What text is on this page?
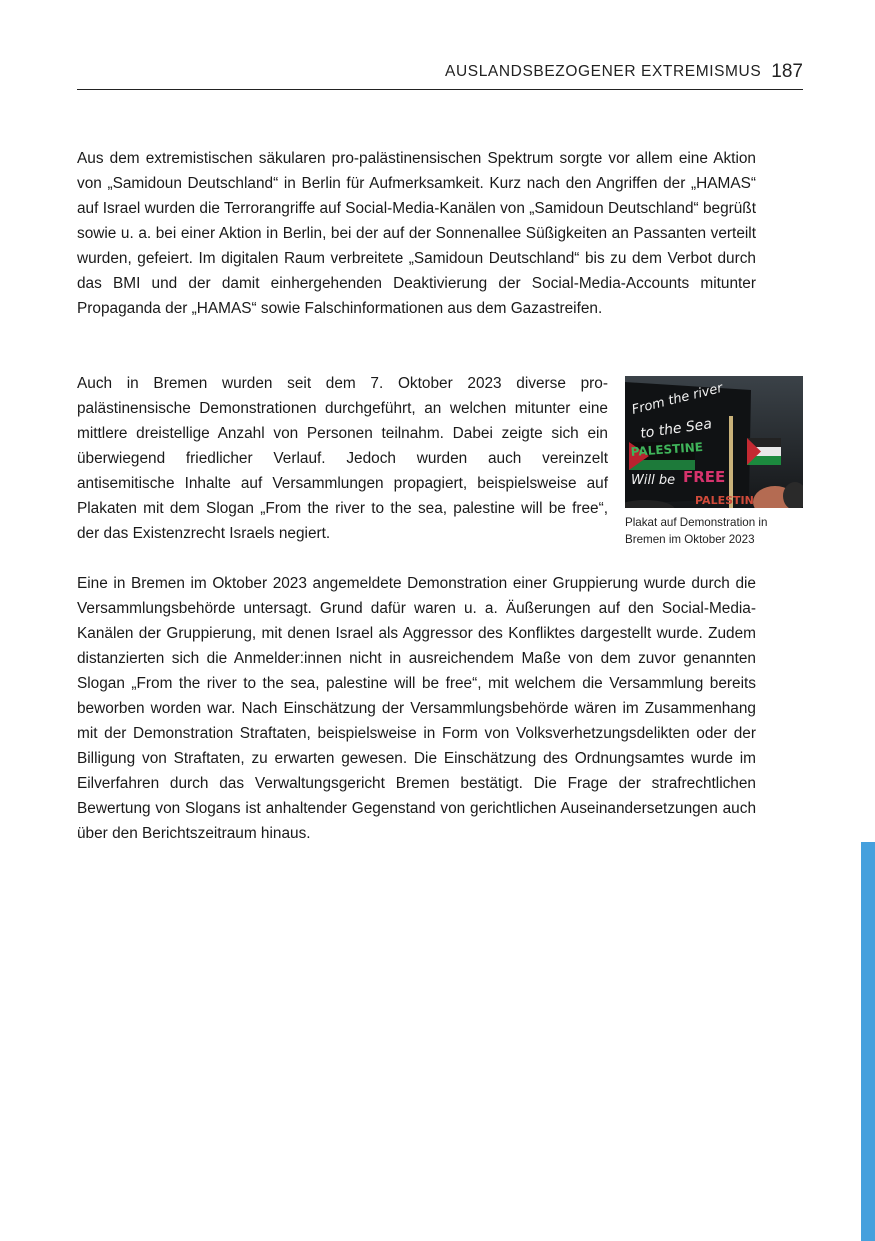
AUSLANDSBEZOGENER EXTREMISMUS 187

Aus dem extremistischen säkularen pro-palästinensischen Spektrum sorgte vor allem eine Aktion von „Samidoun Deutschland“ in Berlin für Aufmerksamkeit. Kurz nach den Angriffen der „HAMAS“ auf Israel wurden die Terrorangriffe auf Social-Media-Kanälen von „Samidoun Deutschland“ begrüßt sowie u. a. bei einer Aktion in Berlin, bei der auf der Sonnenallee Süßigkeiten an Passanten verteilt wurden, gefeiert. Im digitalen Raum verbreitete „Samidoun Deutschland“ bis zu dem Verbot durch das BMI und der damit einhergehenden Deaktivierung der Social-Media-Accounts mitunter Propaganda der „HAMAS“ sowie Falschinformationen aus dem Gazastreifen.

Auch in Bremen wurden seit dem 7. Oktober 2023 diverse propalästinensische Demonstrationen durchgeführt, an welchen mitunter eine mittlere dreistellige Anzahl von Personen teilnahm. Dabei zeigte sich ein überwiegend friedlicher Verlauf. Jedoch wurden auch vereinzelt antisemitische Inhalte auf Versammlungen propagiert, beispielsweise auf Plakaten mit dem Slogan „From the river to the sea, palestine will be free“, der das Existenzrecht Israels negiert.

From the river
to the Sea
PALESTINE
Will be FREE
PALESTIN
Plakat auf Demonstration in Bremen im Oktober 2023

Eine in Bremen im Oktober 2023 angemeldete Demonstration einer Gruppierung wurde durch die Versammlungsbehörde untersagt. Grund dafür waren u. a. Äußerungen auf den Social-Media-Kanälen der Gruppierung, mit denen Israel als Aggressor des Konfliktes dargestellt wurde. Zudem distanzierten sich die Anmelder:innen nicht in ausreichendem Maße von dem zuvor genannten Slogan „From the river to the sea, palestine will be free“, mit welchem die Versammlung bereits beworben worden war. Nach Einschätzung der Versammlungsbehörde wären im Zusammenhang mit der Demonstration Straftaten, beispielsweise in Form von Volksverhetzungsdelikten oder der Billigung von Straftaten, zu erwarten gewesen. Die Einschätzung des Ordnungsamtes wurde im Eilverfahren durch das Verwaltungsgericht Bremen bestätigt. Die Frage der strafrechtlichen Bewertung von Slogans ist anhaltender Gegenstand von gerichtlichen Auseinandersetzungen auch über den Berichtszeitraum hinaus.
